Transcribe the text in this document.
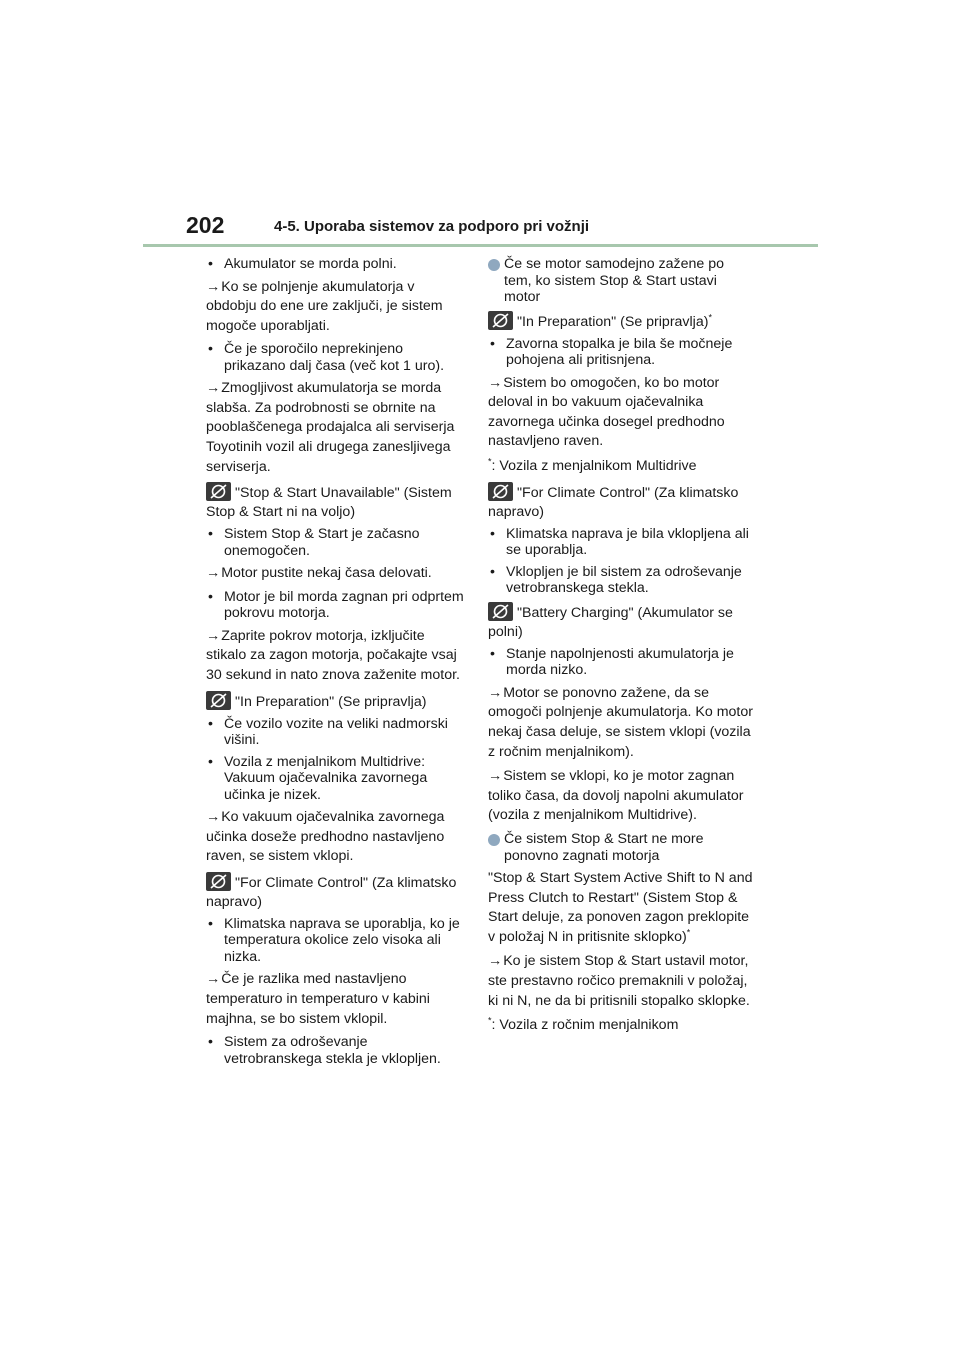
202	4-5. Uporaba sistemov za podporo pri vožnji
• Akumulator se morda polni.
→Ko se polnjenje akumulatorja v obdobju do ene ure zaključi, je sistem mogoče uporabljati.
• Če je sporočilo neprekinjeno prikazano dalj časa (več kot 1 uro).
→Zmogljivost akumulatorja se morda slabša. Za podrobnosti se obrnite na pooblaščenega prodajalca ali serviserja Toyotinih vozil ali drugega zanesljivega serviserja.
"Stop & Start Unavailable" (Sistem Stop & Start ni na voljo)
• Sistem Stop & Start je začasno onemogočen.
→Motor pustite nekaj časa delovati.
• Motor je bil morda zagnan pri odprtem pokrovu motorja.
→Zaprite pokrov motorja, izključite stikalo za zagon motorja, počakajte vsaj 30 sekund in nato znova zaženite motor.
"In Preparation" (Se pripravlja)
• Če vozilo vozite na veliki nadmorski višini.
• Vozila z menjalnikom Multidrive: Vakuum ojačevalnika zavornega učinka je nizek.
→Ko vakuum ojačevalnika zavornega učinka doseže predhodno nastavljeno raven, se sistem vklopi.
"For Climate Control" (Za klimatsko napravo)
• Klimatska naprava se uporablja, ko je temperatura okolice zelo visoka ali nizka.
→Če je razlika med nastavljeno temperaturo in temperaturo v kabini majhna, se bo sistem vklopil.
• Sistem za odroševanje vetrobranskega stekla je vklopljen.
Če se motor samodejno zažene po tem, ko sistem Stop & Start ustavi motor
"In Preparation" (Se pripravlja)*
• Zavorna stopalka je bila še močneje pohojena ali pritisnjena.
→Sistem bo omogočen, ko bo motor deloval in bo vakuum ojačevalnika zavornega učinka dosegel predhodno nastavljeno raven.
*: Vozila z menjalnikom Multidrive
"For Climate Control" (Za klimatsko napravo)
• Klimatska naprava je bila vklopljena ali se uporablja.
• Vklopljen je bil sistem za odroševanje vetrobranskega stekla.
"Battery Charging" (Akumulator se polni)
• Stanje napolnjenosti akumulatorja je morda nizko.
→Motor se ponovno zažene, da se omogoči polnjenje akumulatorja. Ko motor nekaj časa deluje, se sistem vklopi (vozila z ročnim menjalnikom).
→Sistem se vklopi, ko je motor zagnan toliko časa, da dovolj napolni akumulator (vozila z menjalnikom Multidrive).
Če sistem Stop & Start ne more ponovno zagnati motorja
"Stop & Start System Active Shift to N and Press Clutch to Restart" (Sistem Stop & Start deluje, za ponoven zagon preklopite v položaj N in pritisnite sklopko)*
→Ko je sistem Stop & Start ustavil motor, ste prestavno ročico premaknili v položaj, ki ni N, ne da bi pritisnili stopalko sklopke.
*: Vozila z ročnim menjalnikom
